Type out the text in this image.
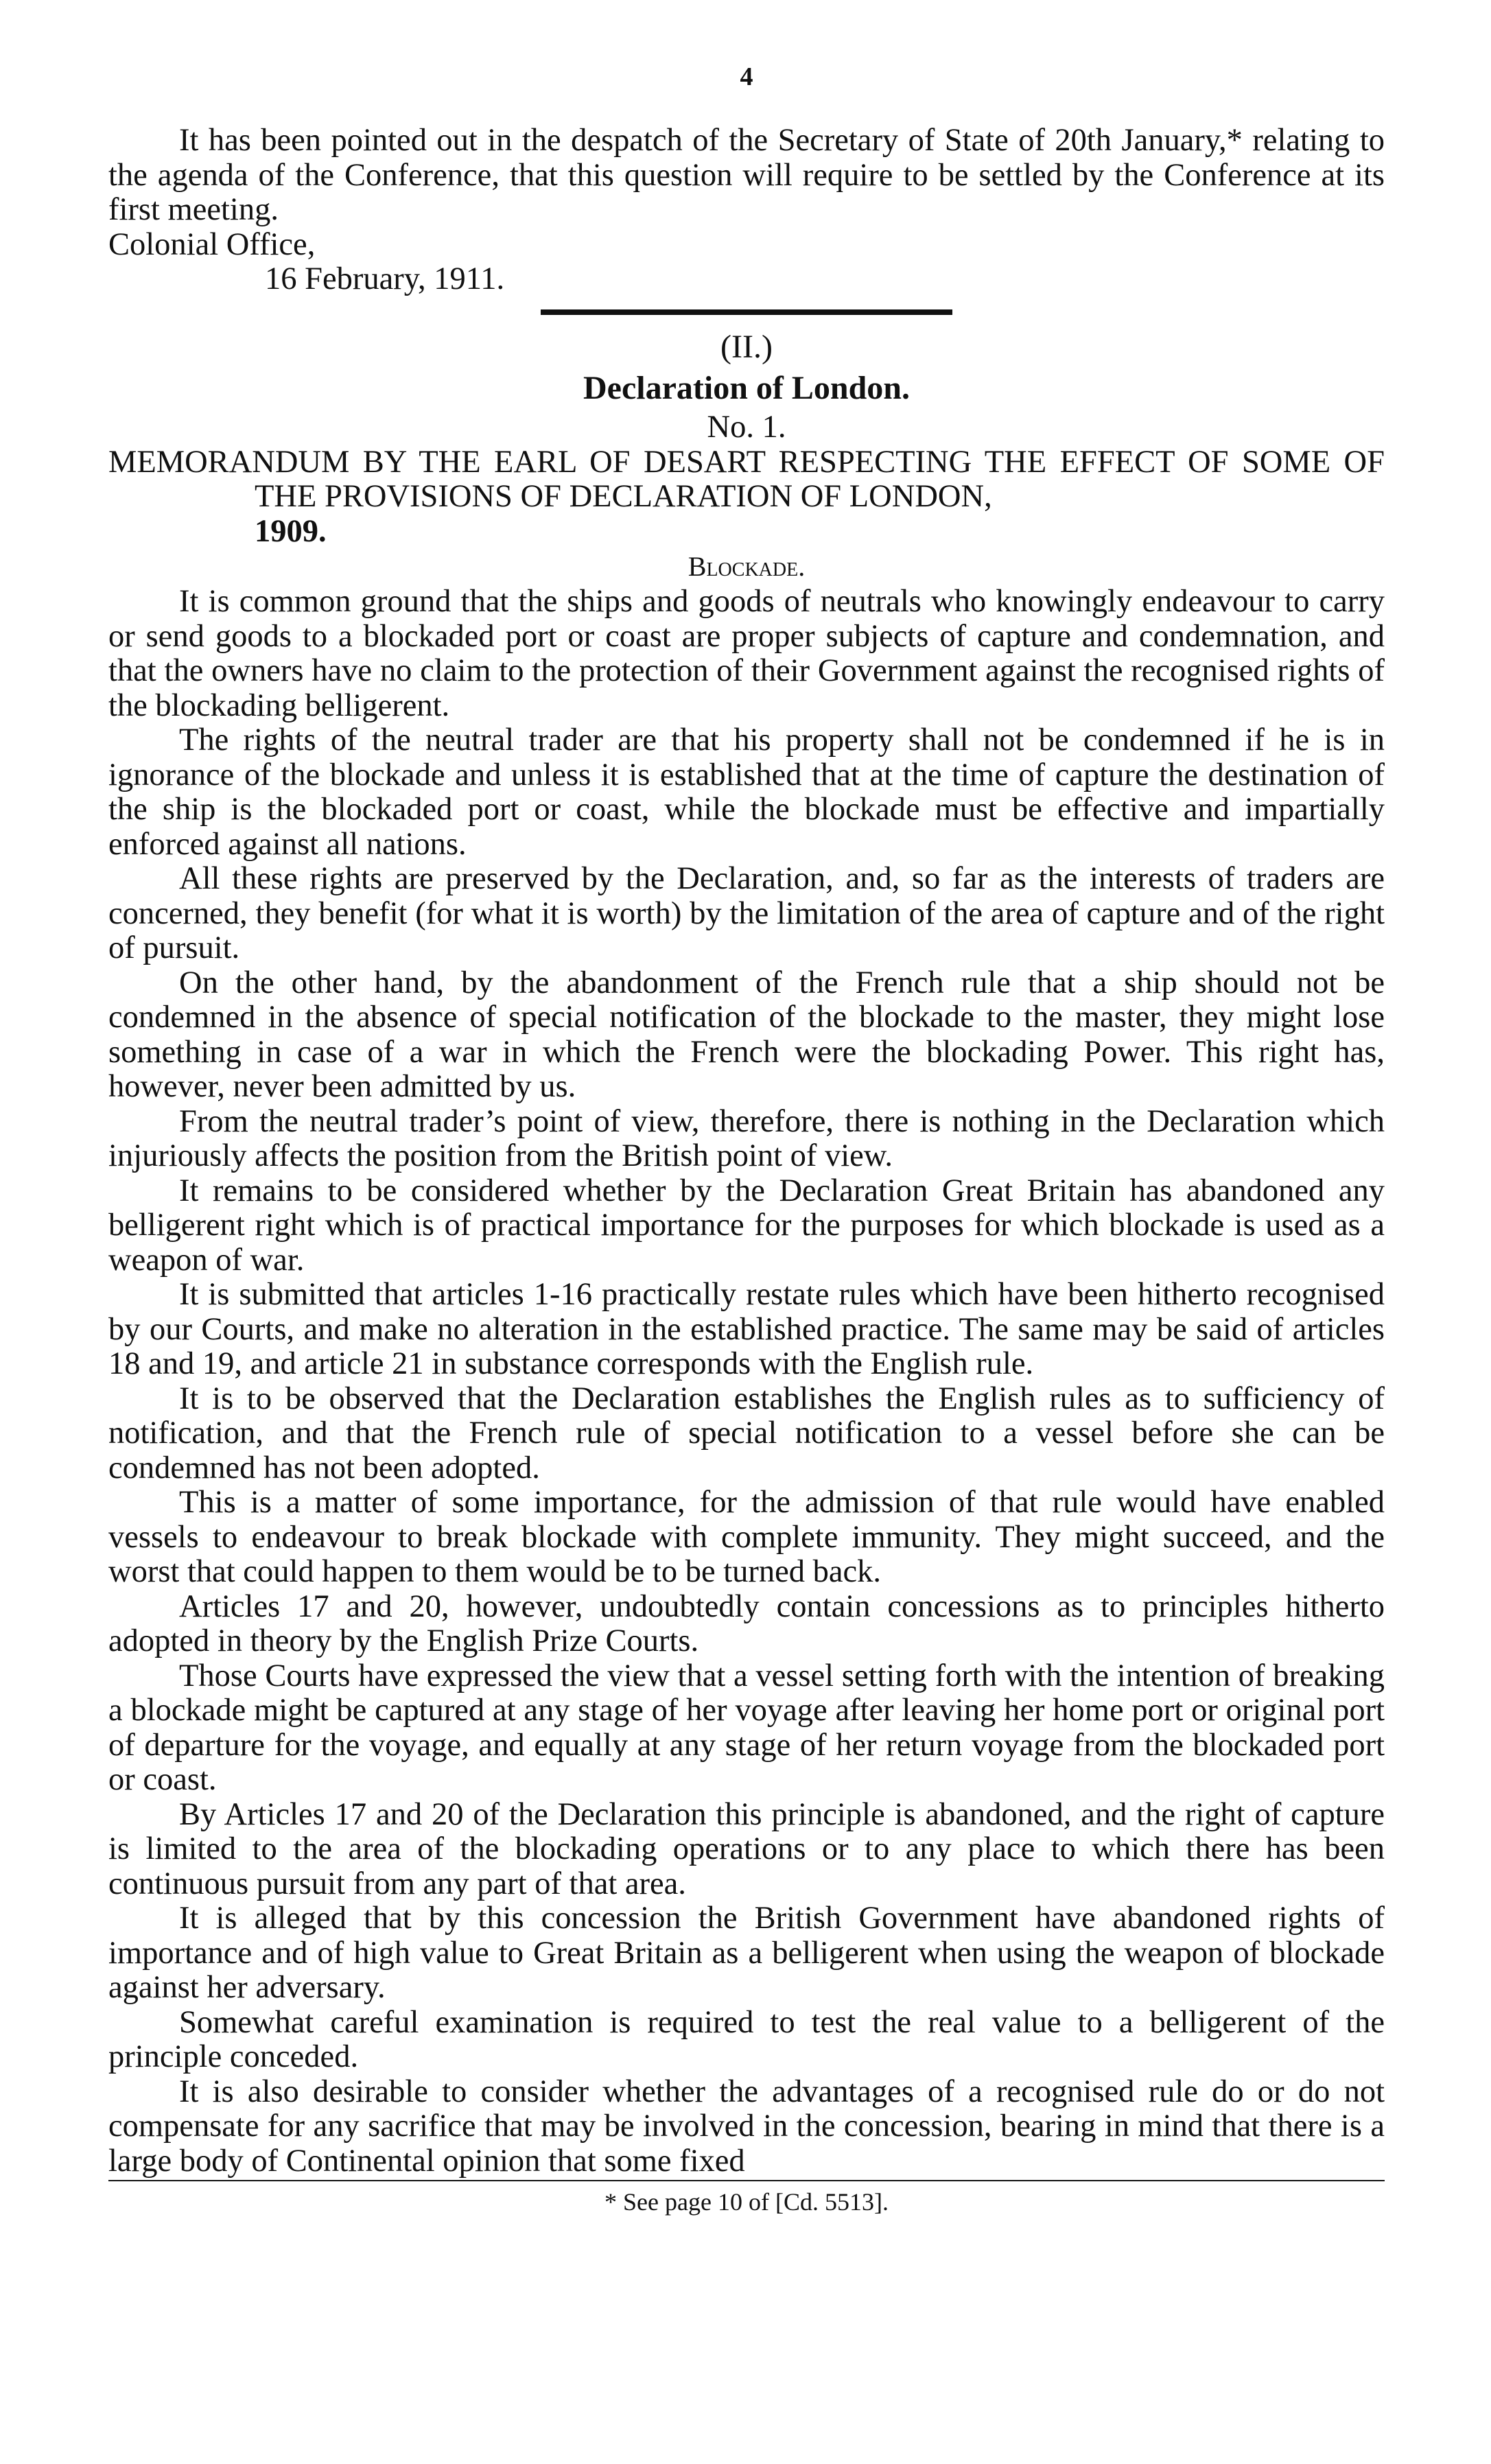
4

It has been pointed out in the despatch of the Secretary of State of 20th January,* relating to the agenda of the Conference, that this question will require to be settled by the Conference at its first meeting.

Colonial Office,

16 February, 1911.

(II.)
Declaration of London.
No. 1.
MEMORANDUM BY THE EARL OF DESART RESPECTING THE EFFECT OF SOME OF THE PROVISIONS OF DECLARATION OF LONDON,
1909.
Blockade.

It is common ground that the ships and goods of neutrals who knowingly endeavour to carry or send goods to a blockaded port or coast are proper subjects of capture and condemnation, and that the owners have no claim to the protection of their Government against the recognised rights of the blockading belligerent.

The rights of the neutral trader are that his property shall not be condemned if he is in ignorance of the blockade and unless it is established that at the time of capture the destination of the ship is the blockaded port or coast, while the blockade must be effective and impartially enforced against all nations.

All these rights are preserved by the Declaration, and, so far as the interests of traders are concerned, they benefit (for what it is worth) by the limitation of the area of capture and of the right of pursuit.

On the other hand, by the abandonment of the French rule that a ship should not be condemned in the absence of special notification of the blockade to the master, they might lose something in case of a war in which the French were the blockading Power. This right has, however, never been admitted by us.

From the neutral trader’s point of view, therefore, there is nothing in the Declaration which injuriously affects the position from the British point of view.

It remains to be considered whether by the Declaration Great Britain has abandoned any belligerent right which is of practical importance for the purposes for which blockade is used as a weapon of war.

It is submitted that articles 1-16 practically restate rules which have been hitherto recognised by our Courts, and make no alteration in the established practice. The same may be said of articles 18 and 19, and article 21 in substance corresponds with the English rule.

It is to be observed that the Declaration establishes the English rules as to sufficiency of notification, and that the French rule of special notification to a vessel before she can be condemned has not been adopted.

This is a matter of some importance, for the admission of that rule would have enabled vessels to endeavour to break blockade with complete immunity. They might succeed, and the worst that could happen to them would be to be turned back.

Articles 17 and 20, however, undoubtedly contain concessions as to principles hitherto adopted in theory by the English Prize Courts.

Those Courts have expressed the view that a vessel setting forth with the intention of breaking a blockade might be captured at any stage of her voyage after leaving her home port or original port of departure for the voyage, and equally at any stage of her return voyage from the blockaded port or coast.

By Articles 17 and 20 of the Declaration this principle is abandoned, and the right of capture is limited to the area of the blockading operations or to any place to which there has been continuous pursuit from any part of that area.

It is alleged that by this concession the British Government have abandoned rights of importance and of high value to Great Britain as a belligerent when using the weapon of blockade against her adversary.

Somewhat careful examination is required to test the real value to a belligerent of the principle conceded.

It is also desirable to consider whether the advantages of a recognised rule do or do not compensate for any sacrifice that may be involved in the concession, bearing in mind that there is a large body of Continental opinion that some fixed

* See page 10 of [Cd. 5513].
